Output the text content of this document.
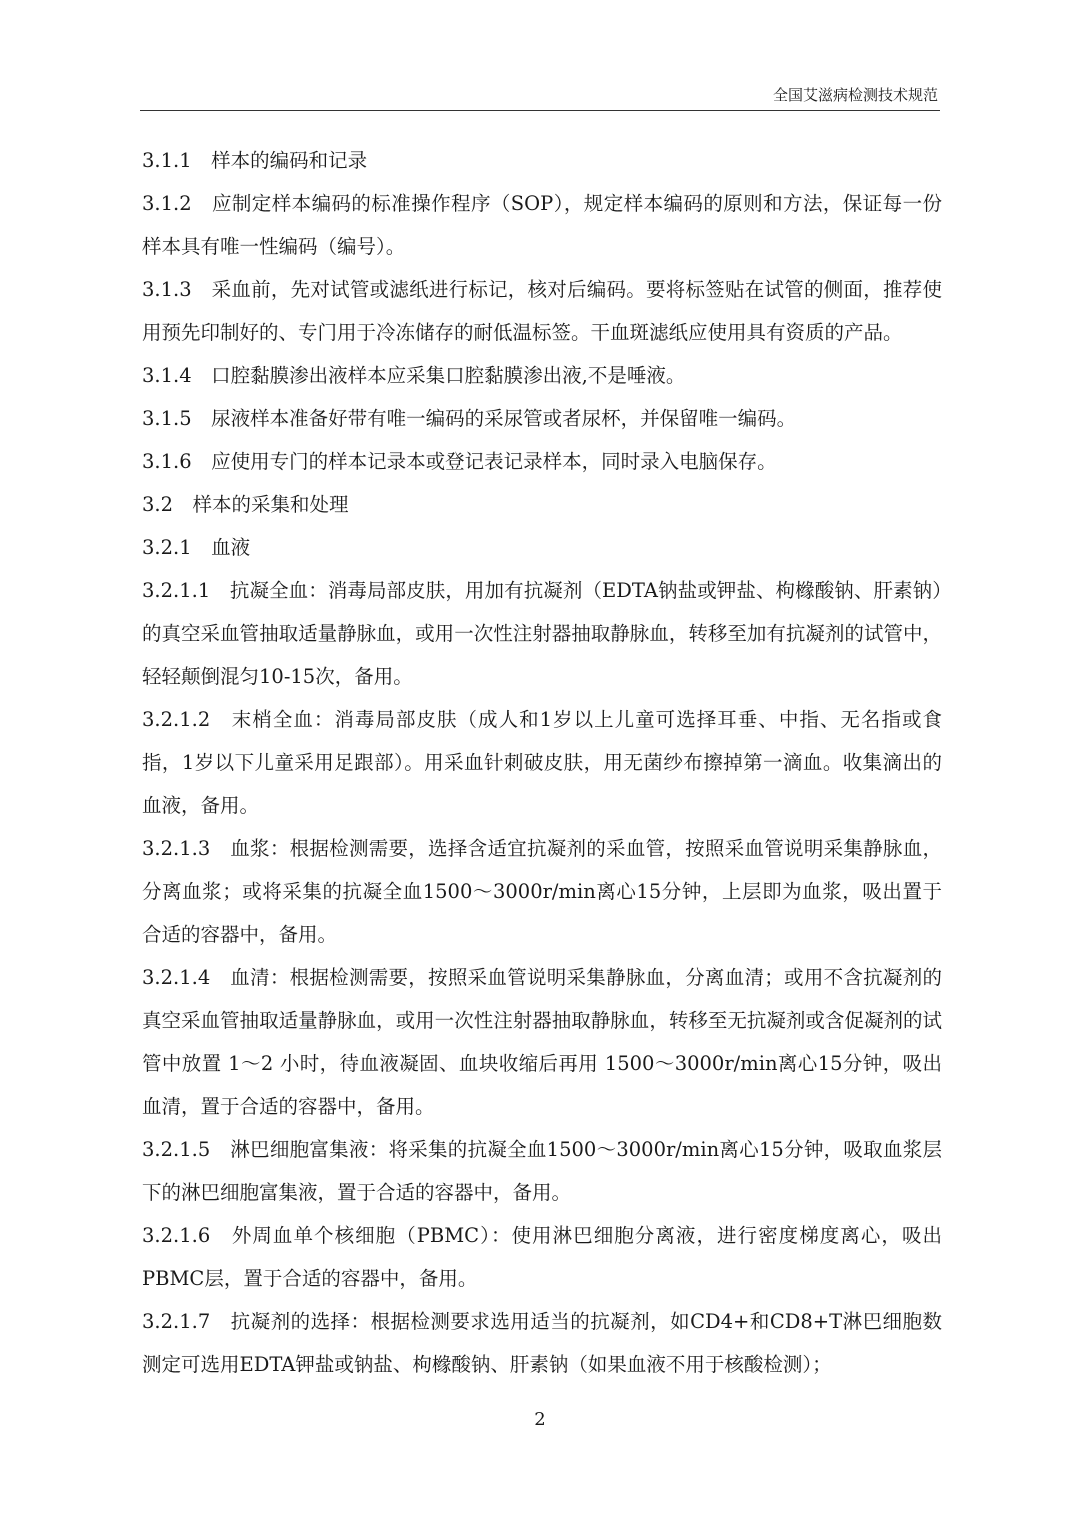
全国艾滋病检测技术规范

3.1.1　样本的编码和记录

3.1.2　应制定样本编码的标准操作程序（SOP），规定样本编码的原则和方法，保证每一份样本具有唯一性编码（编号）。

3.1.3　采血前，先对试管或滤纸进行标记，核对后编码。要将标签贴在试管的侧面，推荐使用预先印制好的、专门用于冷冻储存的耐低温标签。干血斑滤纸应使用具有资质的产品。

3.1.4　口腔黏膜渗出液样本应采集口腔黏膜渗出液,不是唾液。

3.1.5　尿液样本准备好带有唯一编码的采尿管或者尿杯，并保留唯一编码。

3.1.6　应使用专门的样本记录本或登记表记录样本，同时录入电脑保存。

3.2　样本的采集和处理

3.2.1　血液

3.2.1.1　抗凝全血：消毒局部皮肤，用加有抗凝剂（EDTA钠盐或钾盐、枸橼酸钠、肝素钠）的真空采血管抽取适量静脉血，或用一次性注射器抽取静脉血，转移至加有抗凝剂的试管中，轻轻颠倒混匀10-15次，备用。

3.2.1.2　末梢全血：消毒局部皮肤（成人和1岁以上儿童可选择耳垂、中指、无名指或食指，1岁以下儿童采用足跟部）。用采血针刺破皮肤，用无菌纱布擦掉第一滴血。收集滴出的血液，备用。

3.2.1.3　血浆：根据检测需要，选择含适宜抗凝剂的采血管，按照采血管说明采集静脉血，分离血浆；或将采集的抗凝全血1500～3000r/min离心15分钟，上层即为血浆，吸出置于合适的容器中，备用。

3.2.1.4　血清：根据检测需要，按照采血管说明采集静脉血，分离血清；或用不含抗凝剂的真空采血管抽取适量静脉血，或用一次性注射器抽取静脉血，转移至无抗凝剂或含促凝剂的试管中放置 1～2 小时，待血液凝固、血块收缩后再用 1500～3000r/min离心15分钟，吸出血清，置于合适的容器中，备用。

3.2.1.5　淋巴细胞富集液：将采集的抗凝全血1500～3000r/min离心15分钟，吸取血浆层下的淋巴细胞富集液，置于合适的容器中，备用。

3.2.1.6　外周血单个核细胞（PBMC）：使用淋巴细胞分离液，进行密度梯度离心，吸出PBMC层，置于合适的容器中，备用。

3.2.1.7　抗凝剂的选择：根据检测要求选用适当的抗凝剂，如CD4+和CD8+T淋巴细胞数测定可选用EDTA钾盐或钠盐、枸橼酸钠、肝素钠（如果血液不用于核酸检测）；

2
